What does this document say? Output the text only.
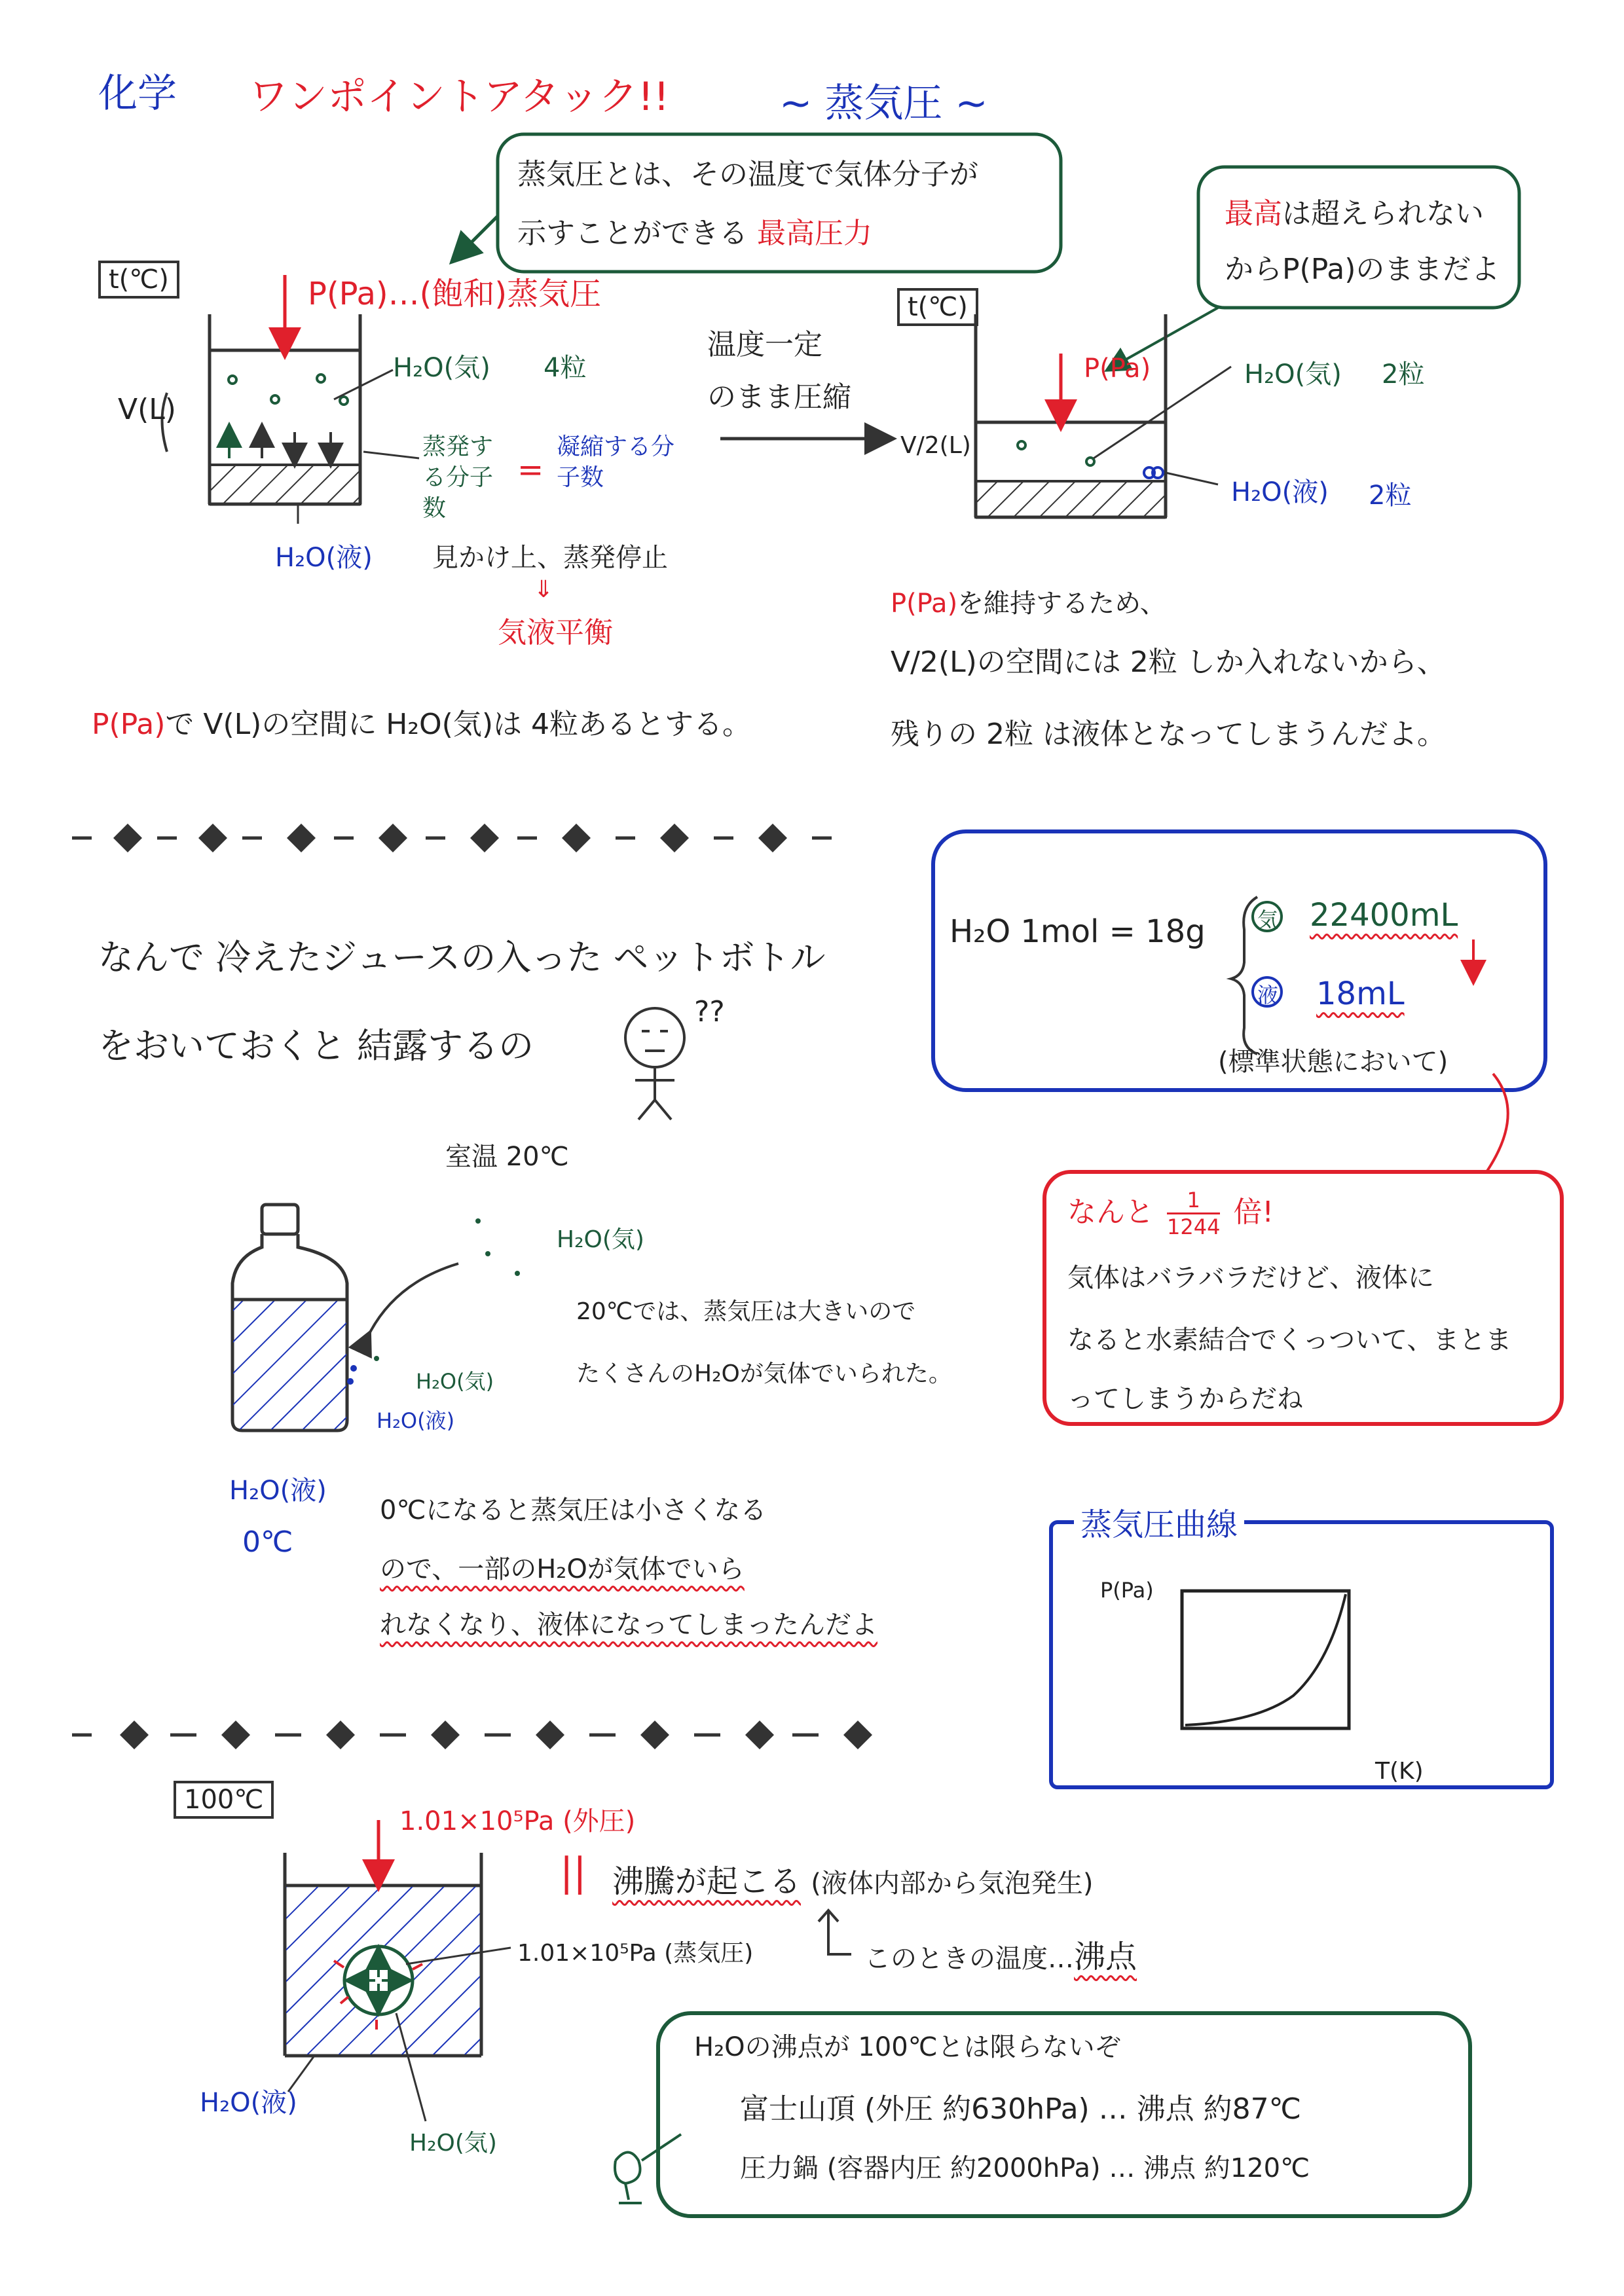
化学 ワンポイントアタック!!	~ 蒸気圧 ~
蒸気圧とは、その温度で気体分子が
示すことができる 最高圧力
t(℃)	P(Pa)…(飽和)蒸気圧
V(L)
H₂O(気) 4粒
蒸発する分子数
=
凝縮する分子数
見かけ上、蒸発停止
⇓
気液平衡
H₂O(液)
P(Pa)で V(L)の空間に H₂O(気)は 4粒あるとする。
温度一定
のまま圧縮
最高は超えられない
からP(Pa)のままだよ
t(℃)
P(Pa)
V/2(L)
H₂O(気) 2粒
H₂O(液) 2粒
P(Pa)を維持するため、
V/2(L)の空間には 2粒 しか入れないから、
残りの 2粒 は液体となってしまうんだよ。
なんで 冷えたジュースの入った ペットボトル
をおいておくと 結露するの
??
室温 20℃
H₂O(気)
H₂O(気)
H₂O(液)
H₂O(液)
0℃
20℃では、蒸気圧は大きいので
たくさんのH₂Oが気体でいられた。
0℃になると蒸気圧は小さくなる
ので、一部のH₂Oが気体でいら
れなくなり、液体になってしまったんだよ
H₂O 1mol = 18g 気 22400mL
液 18mL
(標準状態において)
なんと $\frac{1}{1244}$ 倍!
気体はバラバラだけど、液体に
なると水素結合でくっついて、まとま
ってしまうからだね
蒸気圧曲線
P(Pa)
T(K)
100℃
1.01×10⁵Pa (外圧)
1.01×10⁵Pa (蒸気圧)
|| 沸騰が起こる (液体内部から気泡発生)
このときの温度…沸点
H₂O(液)
H₂O(気)
H₂Oの沸点が 100℃とは限らないぞ
富士山頂 (外圧 約630hPa) … 沸点 約87℃
圧力鍋 (容器内圧 約2000hPa) … 沸点 約120℃
